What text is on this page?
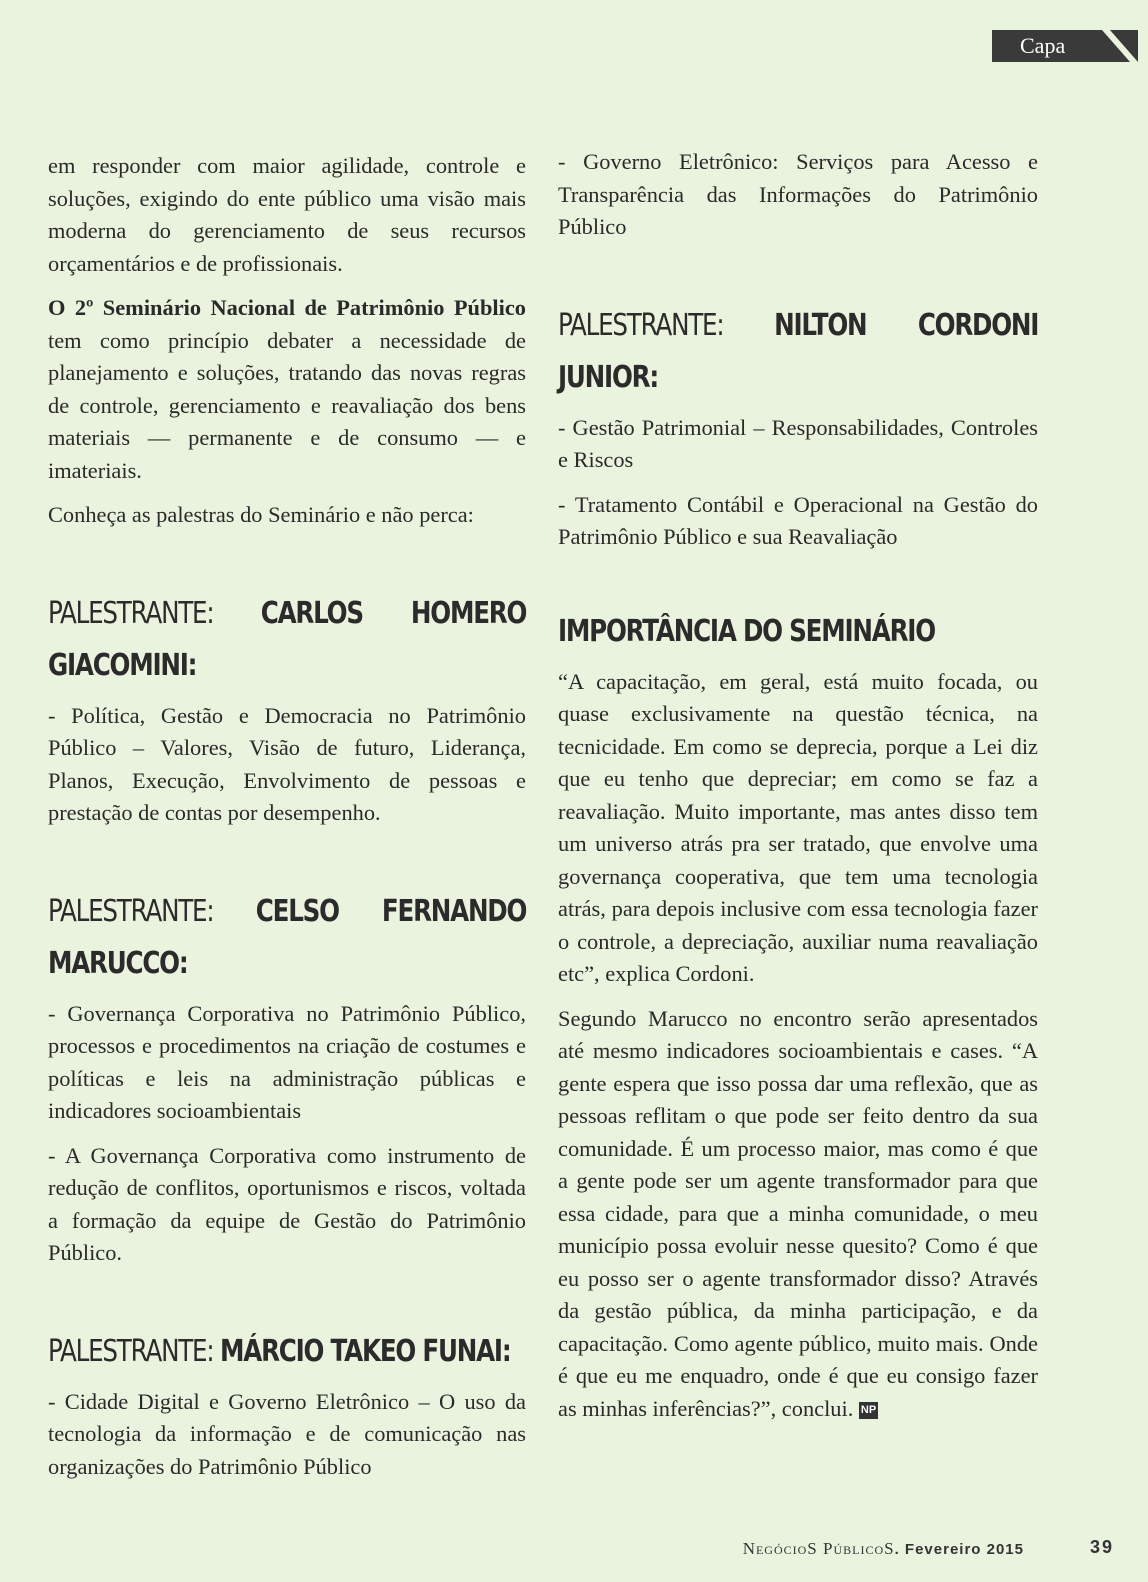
Capa

em responder com maior agilidade, controle e soluções, exigindo do ente público uma visão mais moderna do gerenciamento de seus recursos orçamentários e de profissionais.

O 2º Seminário Nacional de Patrimônio Público tem como princípio debater a necessidade de planejamento e soluções, tratando das novas regras de controle, gerenciamento e reavaliação dos bens materiais — permanente e de consumo — e imateriais.

Conheça as palestras do Seminário e não perca:

PALESTRANTE: CARLOS HOMERO GIACOMINI:

- Política, Gestão e Democracia no Patrimônio Público – Valores, Visão de futuro, Liderança, Planos, Execução, Envolvimento de pessoas e prestação de contas por desempenho.

PALESTRANTE: CELSO FERNANDO MARUCCO:

- Governança Corporativa no Patrimônio Público, processos e procedimentos na criação de costumes e políticas e leis na administração públicas e indicadores socioambientais

- A Governança Corporativa como instrumento de redução de conflitos, oportunismos e riscos, voltada a formação da equipe de Gestão do Patrimônio Público.

PALESTRANTE: MÁRCIO TAKEO FUNAI:

- Cidade Digital e Governo Eletrônico – O uso da tecnologia da informação e de comunicação nas organizações do Patrimônio Público

- Governo Eletrônico: Serviços para Acesso e Transparência das Informações do Patrimônio Público

PALESTRANTE: NILTON CORDONI JUNIOR:

- Gestão Patrimonial – Responsabilidades, Controles e Riscos

- Tratamento Contábil e Operacional na Gestão do Patrimônio Público e sua Reavaliação

IMPORTÂNCIA DO SEMINÁRIO

“A capacitação, em geral, está muito focada, ou quase exclusivamente na questão técnica, na tecnicidade. Em como se deprecia, porque a Lei diz que eu tenho que depreciar; em como se faz a reavaliação. Muito importante, mas antes disso tem um universo atrás pra ser tratado, que envolve uma governança cooperativa, que tem uma tecnologia atrás, para depois inclusive com essa tecnologia fazer o controle, a depreciação, auxiliar numa reavaliação etc”, explica Cordoni.

Segundo Marucco no encontro serão apresentados até mesmo indicadores socioambientais e cases. “A gente espera que isso possa dar uma reflexão, que as pessoas reflitam o que pode ser feito dentro da sua comunidade. É um processo maior, mas como é que a gente pode ser um agente transformador para que essa cidade, para que a minha comunidade, o meu município possa evoluir nesse quesito? Como é que eu posso ser o agente transformador disso? Através da gestão pública, da minha participação, e da capacitação. Como agente público, muito mais. Onde é que eu me enquadro, onde é que eu consigo fazer as minhas inferências?”, conclui. NP

NegócioS PúblicoS. Fevereiro 2015	39
